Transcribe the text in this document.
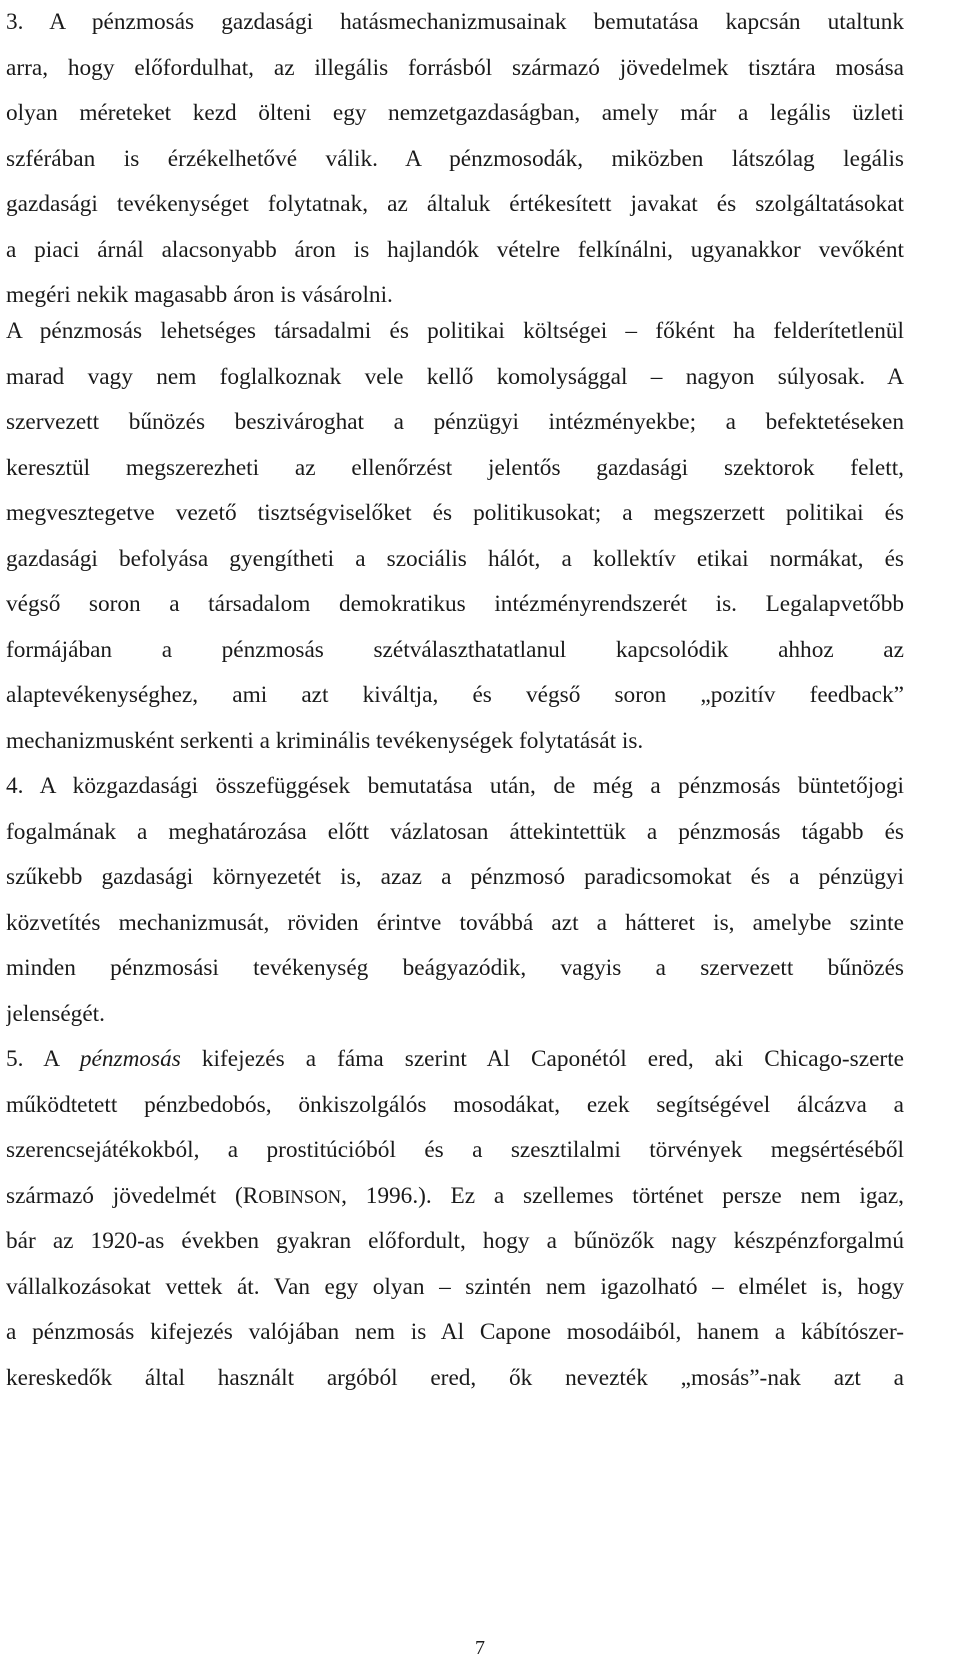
3. A pénzmosás gazdasági hatásmechanizmusainak bemutatása kapcsán utaltunk
arra, hogy előfordulhat, az illegális forrásból származó jövedelmek tisztára mosása
olyan méreteket kezd ölteni egy nemzetgazdaságban, amely már a legális üzleti
szférában is érzékelhetővé válik. A pénzmosodák, miközben látszólag legális
gazdasági tevékenységet folytatnak, az általuk értékesített javakat és szolgáltatásokat
a piaci árnál alacsonyabb áron is hajlandók vételre felkínálni, ugyanakkor vevőként
megéri nekik magasabb áron is vásárolni.
A pénzmosás lehetséges társadalmi és politikai költségei – főként ha felderítetlenül
marad vagy nem foglalkoznak vele kellő komolysággal – nagyon súlyosak. A
szervezett bűnözés beszivároghat a pénzügyi intézményekbe; a befektetéseken
keresztül megszerezheti az ellenőrzést jelentős gazdasági szektorok felett,
megvesztegetve vezető tisztségviselőket és politikusokat; a megszerzett politikai és
gazdasági befolyása gyengítheti a szociális hálót, a kollektív etikai normákat, és
végső soron a társadalom demokratikus intézményrendszerét is. Legalapvetőbb
formájában a pénzmosás szétválaszthatatlanul kapcsolódik ahhoz az
alaptevékenységhez, ami azt kiváltja, és végső soron „pozitív feedback”
mechanizmusként serkenti a kriminális tevékenységek folytatását is.
4. A közgazdasági összefüggések bemutatása után, de még a pénzmosás büntetőjogi
fogalmának a meghatározása előtt vázlatosan áttekintettük a pénzmosás tágabb és
szűkebb gazdasági környezetét is, azaz a pénzmosó paradicsomokat és a pénzügyi
közvetítés mechanizmusát, röviden érintve továbbá azt a hátteret is, amelybe szinte
minden pénzmosási tevékenység beágyazódik, vagyis a szervezett bűnözés
jelenségét.
5. A pénzmosás kifejezés a fáma szerint Al Caponétól ered, aki Chicago-szerte
működtetett pénzbedobós, önkiszolgálós mosodákat, ezek segítségével álcázva a
szerencsejátékokból, a prostitúcióból és a szesztilalmi törvények megsértéséből
származó jövedelmét (ROBINSON, 1996.). Ez a szellemes történet persze nem igaz,
bár az 1920-as években gyakran előfordult, hogy a bűnözők nagy készpénzforgalmú
vállalkozásokat vettek át. Van egy olyan – szintén nem igazolható – elmélet is, hogy
a pénzmosás kifejezés valójában nem is Al Capone mosodáiból, hanem a kábítószer-
kereskedők által használt argóból ered, ők nevezték „mosás”-nak azt a
7
